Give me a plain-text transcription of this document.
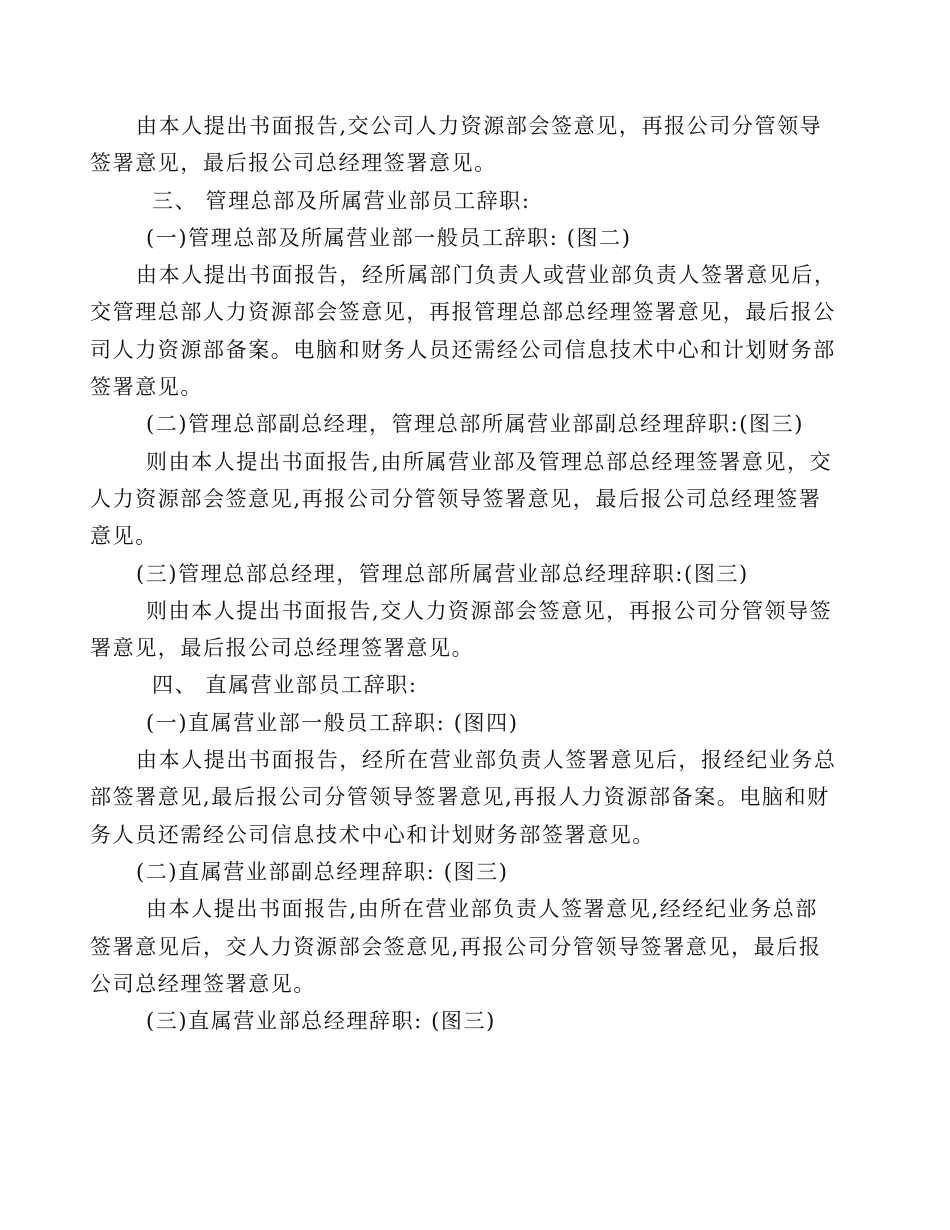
由本人提出书面报告,交公司人力资源部会签意见，再报公司分管领导
签署意见，最后报公司总经理签署意见。
三、 管理总部及所属营业部员工辞职:
(一)管理总部及所属营业部一般员工辞职: (图二)
由本人提出书面报告，经所属部门负责人或营业部负责人签署意见后，
交管理总部人力资源部会签意见，再报管理总部总经理签署意见，最后报公
司人力资源部备案。电脑和财务人员还需经公司信息技术中心和计划财务部
签署意见。
(二)管理总部副总经理，管理总部所属营业部副总经理辞职:(图三)
则由本人提出书面报告,由所属营业部及管理总部总经理签署意见，交
人力资源部会签意见,再报公司分管领导签署意见，最后报公司总经理签署
意见。
(三)管理总部总经理，管理总部所属营业部总经理辞职:(图三)
则由本人提出书面报告,交人力资源部会签意见，再报公司分管领导签
署意见，最后报公司总经理签署意见。
四、 直属营业部员工辞职:
(一)直属营业部一般员工辞职: (图四)
由本人提出书面报告，经所在营业部负责人签署意见后，报经纪业务总
部签署意见,最后报公司分管领导签署意见,再报人力资源部备案。电脑和财
务人员还需经公司信息技术中心和计划财务部签署意见。
(二)直属营业部副总经理辞职: (图三)
由本人提出书面报告,由所在营业部负责人签署意见,经经纪业务总部
签署意见后，交人力资源部会签意见,再报公司分管领导签署意见，最后报
公司总经理签署意见。
(三)直属营业部总经理辞职: (图三)
